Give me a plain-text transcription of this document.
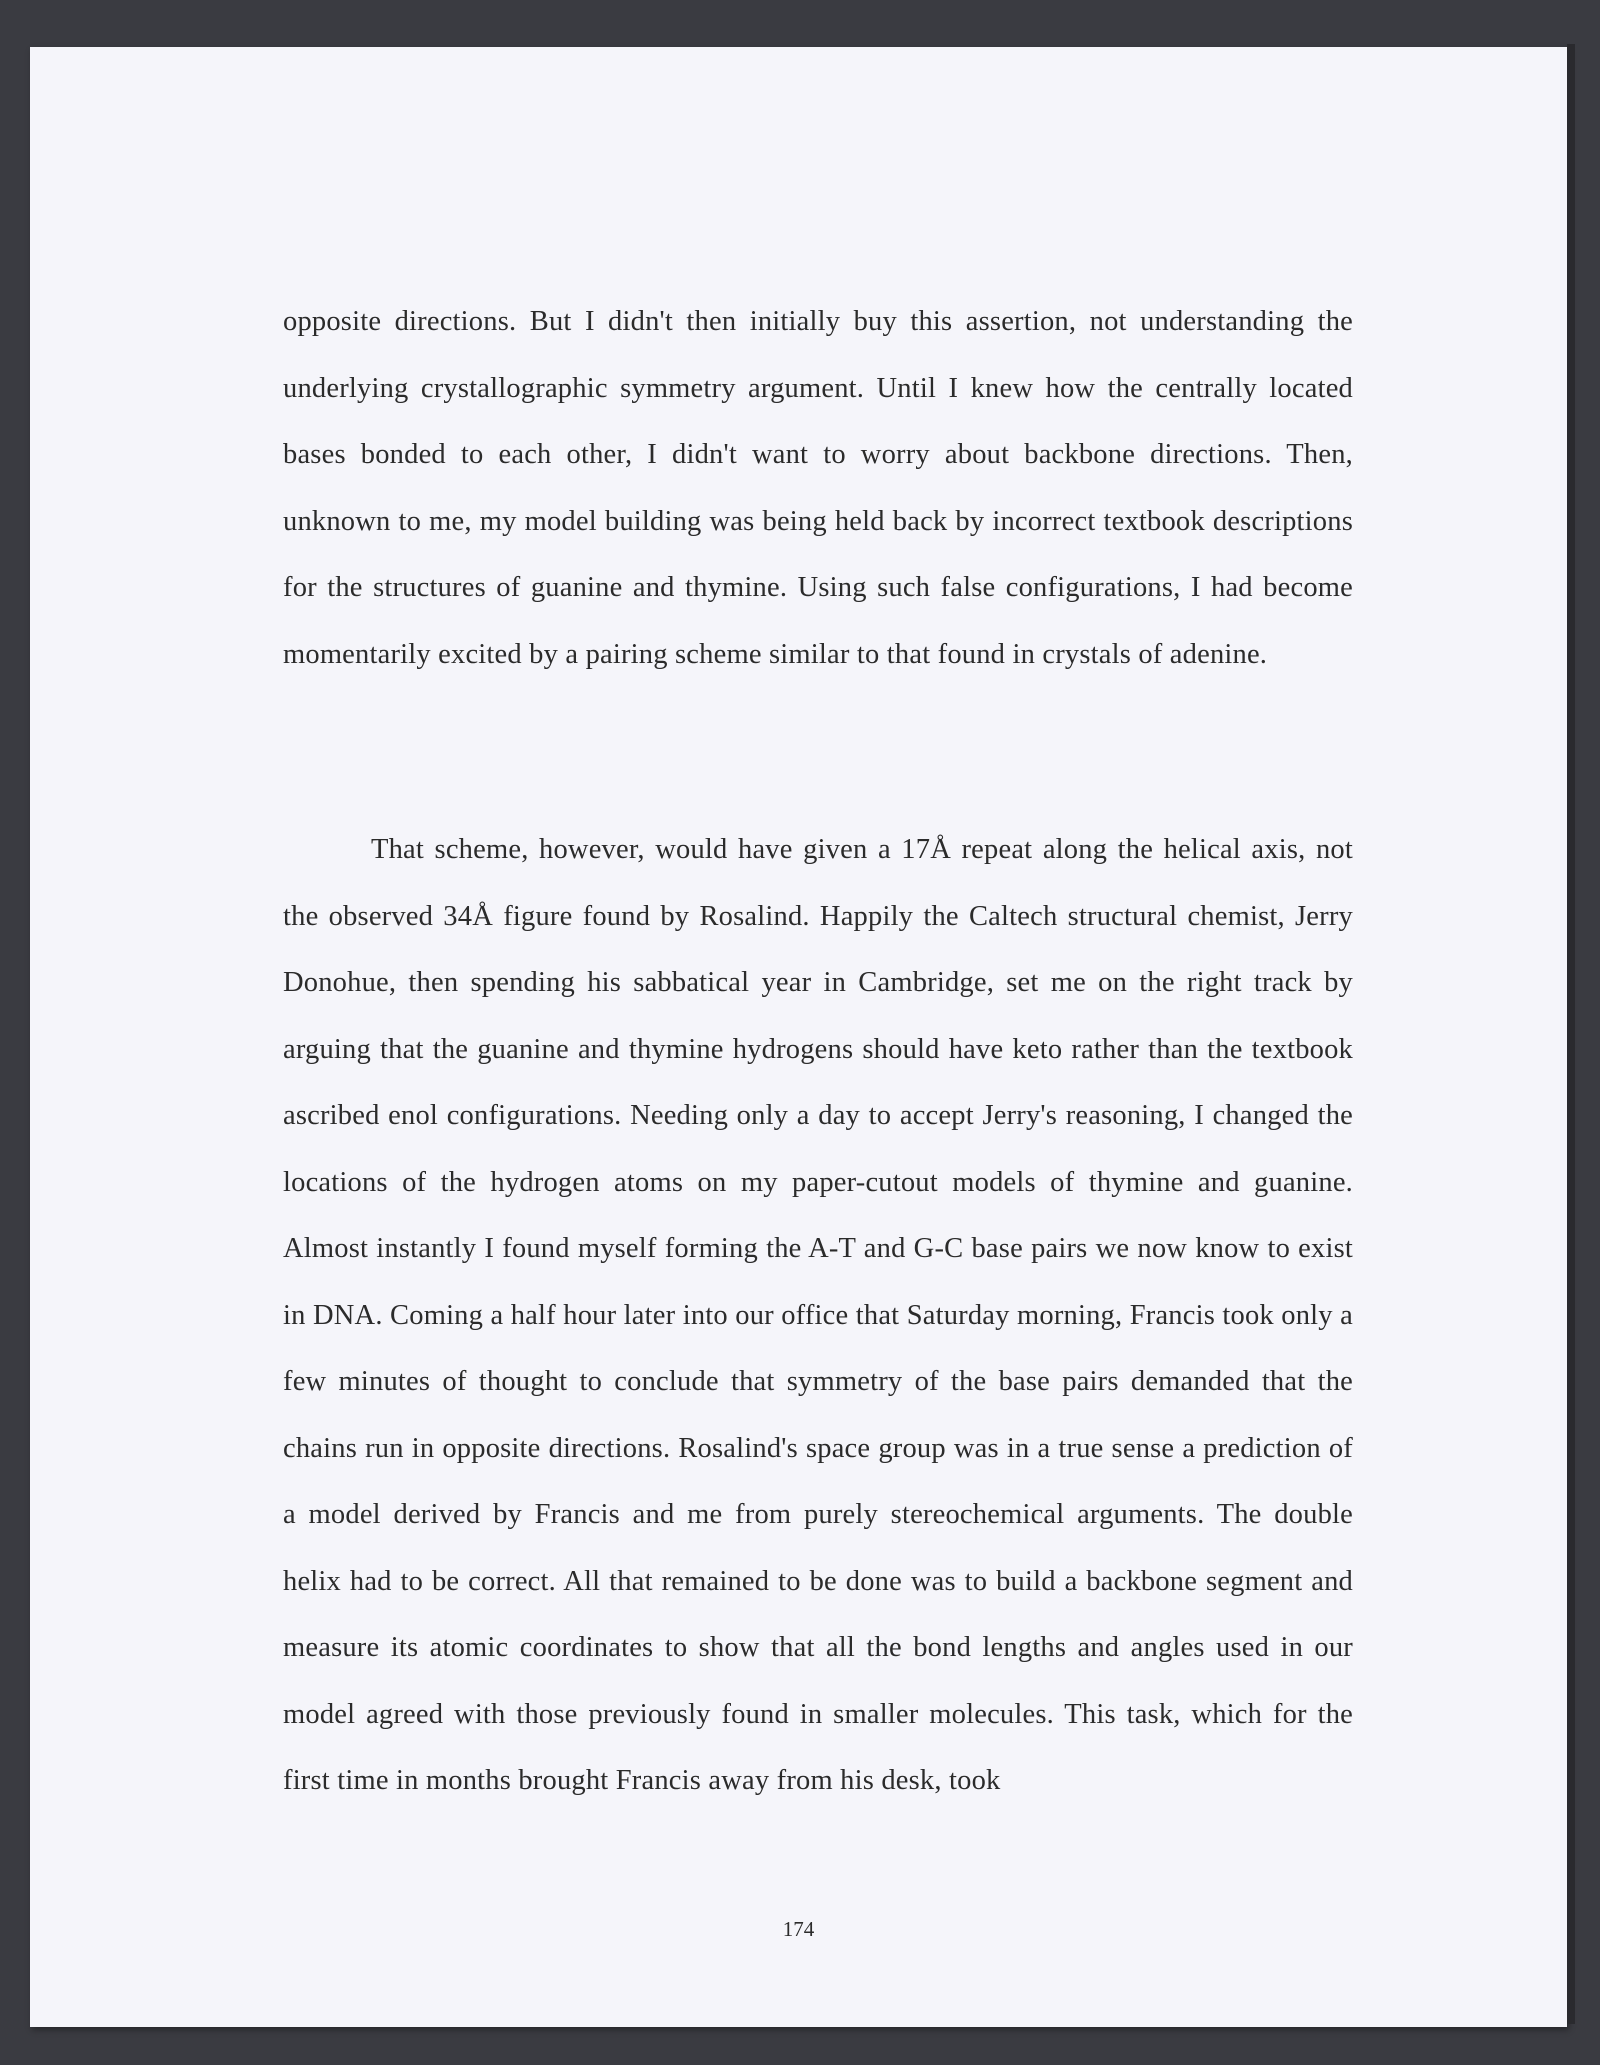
opposite directions. But I didn't then initially buy this assertion, not understanding the underlying crystallographic symmetry argument. Until I knew how the centrally located bases bonded to each other, I didn't want to worry about backbone directions. Then, unknown to me, my model building was being held back by incorrect textbook descriptions for the structures of guanine and thymine. Using such false configurations, I had become momentarily excited by a pairing scheme similar to that found in crystals of adenine.

That scheme, however, would have given a 17Å repeat along the helical axis, not the observed 34Å figure found by Rosalind. Happily the Caltech structural chemist, Jerry Donohue, then spending his sabbatical year in Cambridge, set me on the right track by arguing that the guanine and thymine hydrogens should have keto rather than the textbook ascribed enol configurations. Needing only a day to accept Jerry's reasoning, I changed the locations of the hydrogen atoms on my paper-cutout models of thymine and guanine. Almost instantly I found myself forming the A-T and G-C base pairs we now know to exist in DNA. Coming a half hour later into our office that Saturday morning, Francis took only a few minutes of thought to conclude that symmetry of the base pairs demanded that the chains run in opposite directions. Rosalind's space group was in a true sense a prediction of a model derived by Francis and me from purely stereochemical arguments. The double helix had to be correct. All that remained to be done was to build a backbone segment and measure its atomic coordinates to show that all the bond lengths and angles used in our model agreed with those previously found in smaller molecules. This task, which for the first time in months brought Francis away from his desk, took

174
